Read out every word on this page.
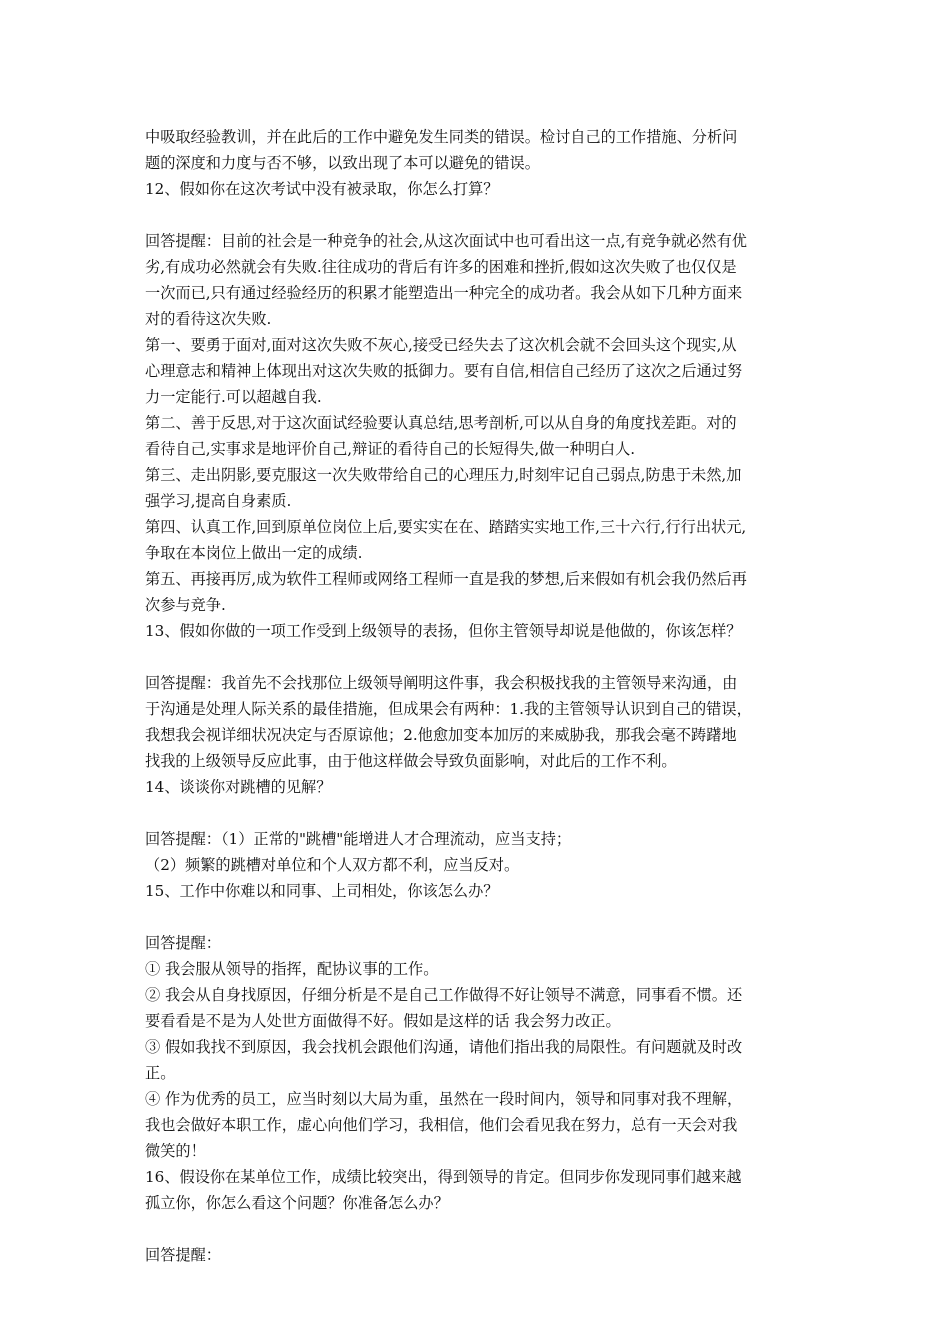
中吸取经验教训，并在此后的工作中避免发生同类的错误。检讨自己的工作措施、分析问

题的深度和力度与否不够，以致出现了本可以避免的错误。

12、假如你在这次考试中没有被录取，你怎么打算？

回答提醒：目前的社会是一种竞争的社会,从这次面试中也可看出这一点,有竞争就必然有优

劣,有成功必然就会有失败.往往成功的背后有许多的困难和挫折,假如这次失败了也仅仅是

一次而已,只有通过经验经历的积累才能塑造出一种完全的成功者。我会从如下几种方面来

对的看待这次失败.

第一、要勇于面对,面对这次失败不灰心,接受已经失去了这次机会就不会回头这个现实,从

心理意志和精神上体现出对这次失败的抵御力。要有自信,相信自己经历了这次之后通过努

力一定能行.可以超越自我.

第二、善于反思,对于这次面试经验要认真总结,思考剖析,可以从自身的角度找差距。对的

看待自己,实事求是地评价自己,辩证的看待自己的长短得失,做一种明白人.

第三、走出阴影,要克服这一次失败带给自己的心理压力,时刻牢记自己弱点,防患于未然,加

强学习,提高自身素质.

第四、认真工作,回到原单位岗位上后,要实实在在、踏踏实实地工作,三十六行,行行出状元,

争取在本岗位上做出一定的成绩.

第五、再接再厉,成为软件工程师或网络工程师一直是我的梦想,后来假如有机会我仍然后再

次参与竞争.

13、假如你做的一项工作受到上级领导的表扬，但你主管领导却说是他做的，你该怎样？

回答提醒：我首先不会找那位上级领导阐明这件事，我会积极找我的主管领导来沟通，由

于沟通是处理人际关系的最佳措施，但成果会有两种：1.我的主管领导认识到自己的错误，

我想我会视详细状况决定与否原谅他；2.他愈加变本加厉的来威胁我，那我会毫不踌躇地

找我的上级领导反应此事，由于他这样做会导致负面影响，对此后的工作不利。

14、谈谈你对跳槽的见解？

回答提醒：（1）正常的"跳槽"能增进人才合理流动，应当支持；

（2）频繁的跳槽对单位和个人双方都不利，应当反对。

15、工作中你难以和同事、上司相处，你该怎么办？

回答提醒：

① 我会服从领导的指挥，配协议事的工作。

② 我会从自身找原因，仔细分析是不是自己工作做得不好让领导不满意，同事看不惯。还

要看看是不是为人处世方面做得不好。假如是这样的话 我会努力改正。

③ 假如我找不到原因，我会找机会跟他们沟通，请他们指出我的局限性。有问题就及时改

正。

④ 作为优秀的员工，应当时刻以大局为重，虽然在一段时间内，领导和同事对我不理解，

我也会做好本职工作，虚心向他们学习，我相信，他们会看见我在努力，总有一天会对我

微笑的！

16、假设你在某单位工作，成绩比较突出，得到领导的肯定。但同步你发现同事们越来越

孤立你，你怎么看这个问题？你准备怎么办？

回答提醒：
